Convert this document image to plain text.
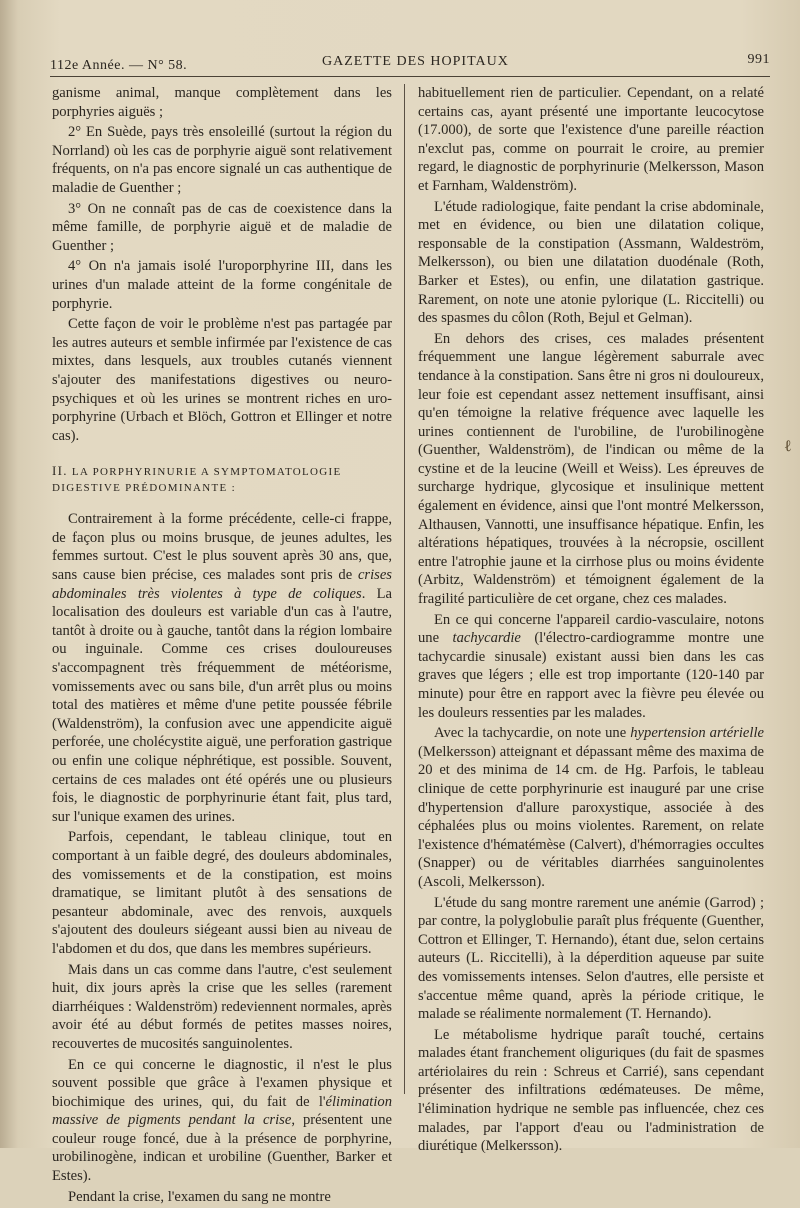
112e Année. — N° 58.	GAZETTE DES HOPITAUX	991

ganisme animal, manque complètement dans les porphyries aiguës ;

2° En Suède, pays très ensoleillé (surtout la région du Norrland) où les cas de porphyrie aiguë sont relativement fréquents, on n'a pas encore signalé un cas authentique de maladie de Guenther ;

3° On ne connaît pas de cas de coexistence dans la même famille, de porphyrie aiguë et de maladie de Guenther ;

4° On n'a jamais isolé l'uroporphyrine III, dans les urines d'un malade atteint de la forme congénitale de porphyrie.

Cette façon de voir le problème n'est pas partagée par les autres auteurs et semble infirmée par l'existence de cas mixtes, dans lesquels, aux troubles cutanés viennent s'ajouter des manifestations digestives ou neuro-psychiques et où les urines se montrent riches en uro-porphyrine (Urbach et Blöch, Gottron et Ellinger et notre cas).

II. LA PORPHYRINURIE A SYMPTOMATOLOGIE DIGESTIVE PRÉDOMINANTE :

Contrairement à la forme précédente, celle-ci frappe, de façon plus ou moins brusque, de jeunes adultes, les femmes surtout. C'est le plus souvent après 30 ans, que, sans cause bien précise, ces malades sont pris de crises abdominales très violentes à type de coliques. La localisation des douleurs est variable d'un cas à l'autre, tantôt à droite ou à gauche, tantôt dans la région lombaire ou inguinale. Comme ces crises douloureuses s'accompagnent très fréquemment de météorisme, vomissements avec ou sans bile, d'un arrêt plus ou moins total des matières et même d'une petite poussée fébrile (Waldenström), la confusion avec une appendicite aiguë perforée, une cholécystite aiguë, une perforation gastrique ou enfin une colique néphrétique, est possible. Souvent, certains de ces malades ont été opérés une ou plusieurs fois, le diagnostic de porphyrinurie étant fait, plus tard, sur l'unique examen des urines.

Parfois, cependant, le tableau clinique, tout en comportant à un faible degré, des douleurs abdominales, des vomissements et de la constipation, est moins dramatique, se limitant plutôt à des sensations de pesanteur abdominale, avec des renvois, auxquels s'ajoutent des douleurs siégeant aussi bien au niveau de l'abdomen et du dos, que dans les membres supérieurs.

Mais dans un cas comme dans l'autre, c'est seulement huit, dix jours après la crise que les selles (rarement diarrhéiques : Waldenström) redeviennent normales, après avoir été au début formés de petites masses noires, recouvertes de mucosités sanguinolentes.

En ce qui concerne le diagnostic, il n'est le plus souvent possible que grâce à l'examen physique et biochimique des urines, qui, du fait de l'élimination massive de pigments pendant la crise, présentent une couleur rouge foncé, due à la présence de porphyrine, urobilinogène, indican et urobiline (Guenther, Barker et Estes).

Pendant la crise, l'examen du sang ne montre

habituellement rien de particulier. Cependant, on a relaté certains cas, ayant présenté une importante leucocytose (17.000), de sorte que l'existence d'une pareille réaction n'exclut pas, comme on pourrait le croire, au premier regard, le diagnostic de porphyrinurie (Melkersson, Mason et Farnham, Waldenström).

L'étude radiologique, faite pendant la crise abdominale, met en évidence, ou bien une dilatation colique, responsable de la constipation (Assmann, Waldeström, Melkersson), ou bien une dilatation duodénale (Roth, Barker et Estes), ou enfin, une dilatation gastrique. Rarement, on note une atonie pylorique (L. Riccitelli) ou des spasmes du côlon (Roth, Bejul et Gelman).

En dehors des crises, ces malades présentent fréquemment une langue légèrement saburrale avec tendance à la constipation. Sans être ni gros ni douloureux, leur foie est cependant assez nettement insuffisant, ainsi qu'en témoigne la relative fréquence avec laquelle les urines contiennent de l'urobiline, de l'urobilinogène (Guenther, Waldenström), de l'indican ou même de la cystine et de la leucine (Weill et Weiss). Les épreuves de surcharge hydrique, glycosique et insulinique mettent également en évidence, ainsi que l'ont montré Melkersson, Althausen, Vannotti, une insuffisance hépatique. Enfin, les altérations hépatiques, trouvées à la nécropsie, oscillent entre l'atrophie jaune et la cirrhose plus ou moins évidente (Arbitz, Waldenström) et témoignent également de la fragilité particulière de cet organe, chez ces malades.

En ce qui concerne l'appareil cardio-vasculaire, notons une tachycardie (l'électro-cardiogramme montre une tachycardie sinusale) existant aussi bien dans les cas graves que légers ; elle est trop importante (120-140 par minute) pour être en rapport avec la fièvre peu élevée ou les douleurs ressenties par les malades.

Avec la tachycardie, on note une hypertension artérielle (Melkersson) atteignant et dépassant même des maxima de 20 et des minima de 14 cm. de Hg. Parfois, le tableau clinique de cette porphyrinurie est inauguré par une crise d'hypertension d'allure paroxystique, associée à des céphalées plus ou moins violentes. Rarement, on relate l'existence d'hématémèse (Calvert), d'hémorragies occultes (Snapper) ou de véritables diarrhées sanguinolentes (Ascoli, Melkersson).

L'étude du sang montre rarement une anémie (Garrod) ; par contre, la polyglobulie paraît plus fréquente (Guenther, Cottron et Ellinger, T. Hernando), étant due, selon certains auteurs (L. Riccitelli), à la déperdition aqueuse par suite des vomissements intenses. Selon d'autres, elle persiste et s'accentue même quand, après la période critique, le malade se réalimente normalement (T. Hernando).

Le métabolisme hydrique paraît touché, certains malades étant franchement oliguriques (du fait de spasmes artériolaires du rein : Schreus et Carrié), sans cependant présenter des infiltrations œdémateuses. De même, l'élimination hydrique ne semble pas influencée, chez ces malades, par l'apport d'eau ou l'administration de diurétique (Melkersson).

ℓ
